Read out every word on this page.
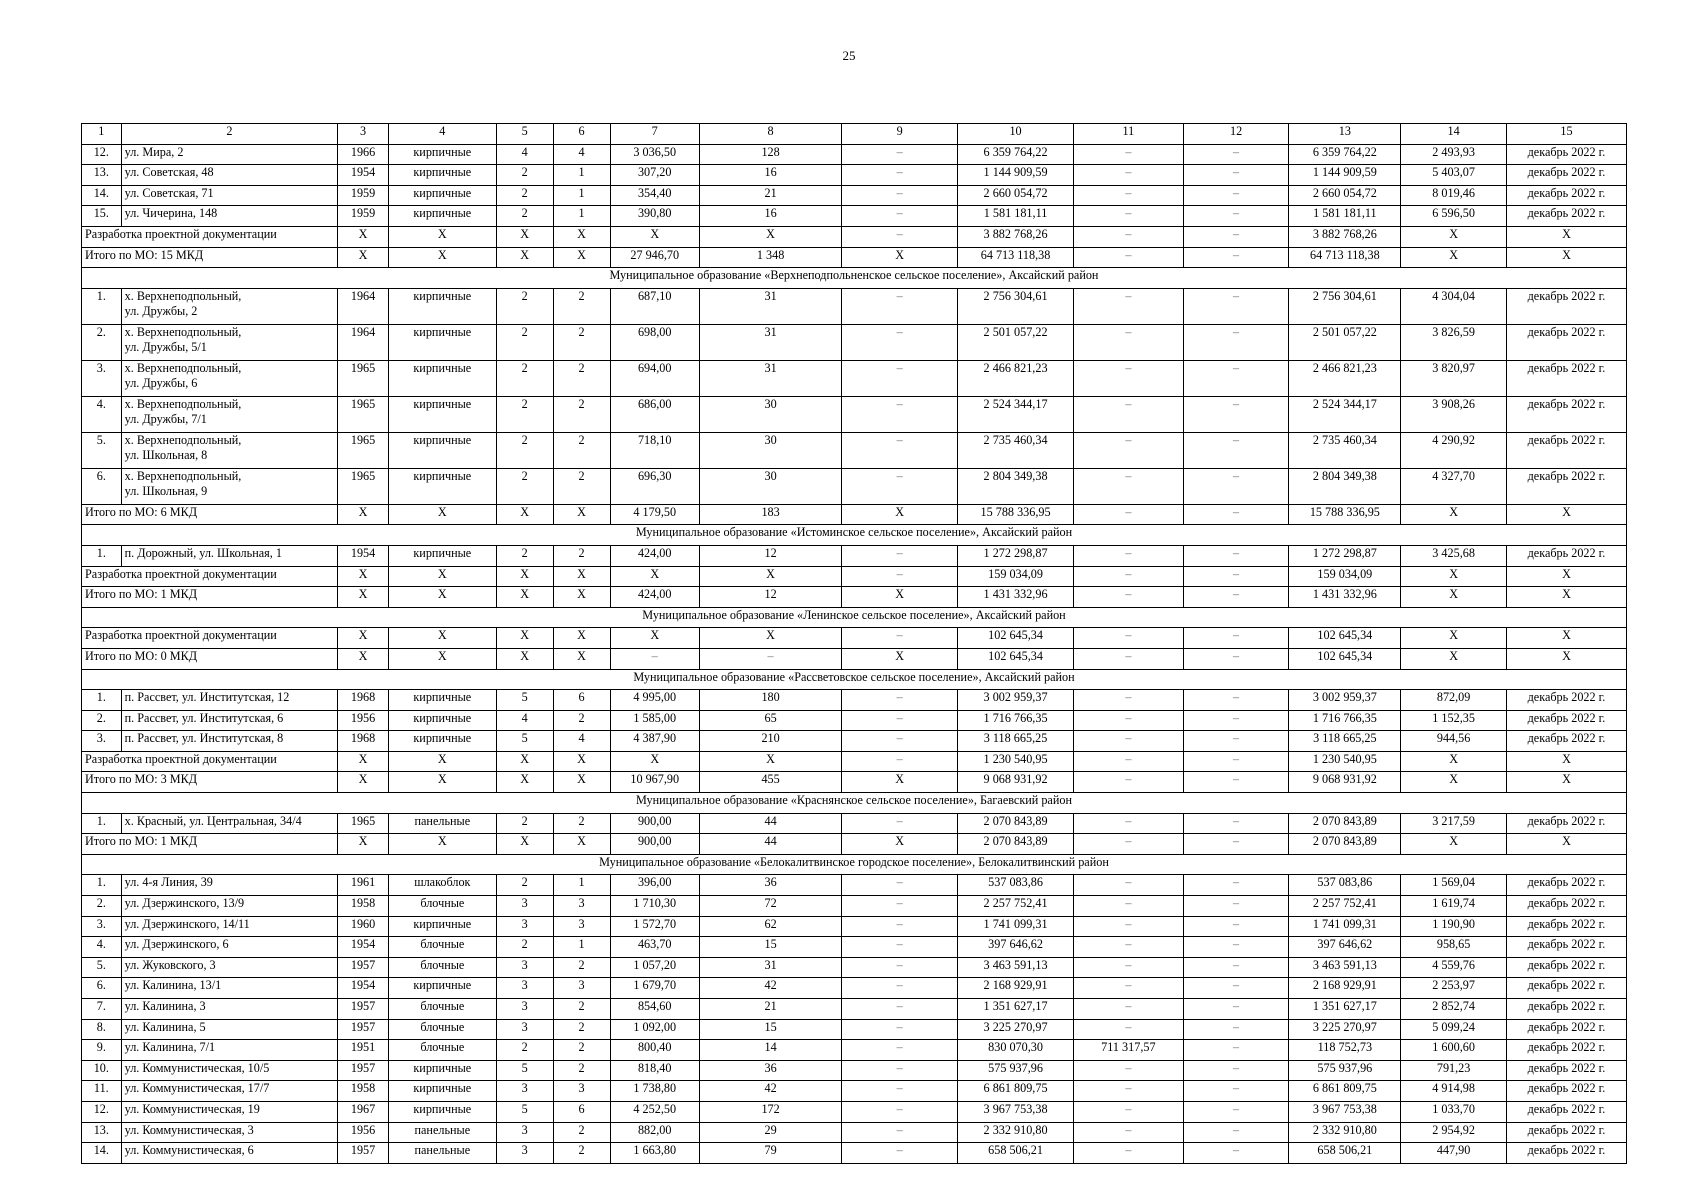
25
1	2	3	4	5	6	7	8	9	10	11	12	13	14	15
12.	ул. Мира, 2	1966	кирпичные	4	4	3 036,50	128	–	6 359 764,22	–	–	6 359 764,22	2 493,93	декабрь 2022 г.
13.	ул. Советская, 48	1954	кирпичные	2	1	307,20	16	–	1 144 909,59	–	–	1 144 909,59	5 403,07	декабрь 2022 г.
14.	ул. Советская, 71	1959	кирпичные	2	1	354,40	21	–	2 660 054,72	–	–	2 660 054,72	8 019,46	декабрь 2022 г.
15.	ул. Чичерина, 148	1959	кирпичные	2	1	390,80	16	–	1 581 181,11	–	–	1 581 181,11	6 596,50	декабрь 2022 г.
Разработка проектной документации		Х	Х	Х	Х	Х	Х	–	3 882 768,26	–	–	3 882 768,26	Х	Х
Итого по МО: 15 МКД		Х	Х	Х	Х	27 946,70	1 348	Х	64 713 118,38	–	–	64 713 118,38	Х	Х
Муниципальное образование «Верхнеподпольненское сельское поселение», Аксайский район														
1.	х. Верхнеподпольный,
ул. Дружбы, 2	1964	кирпичные	2	2	687,10	31	–	2 756 304,61	–	–	2 756 304,61	4 304,04	декабрь 2022 г.
2.	х. Верхнеподпольный,
ул. Дружбы, 5/1	1964	кирпичные	2	2	698,00	31	–	2 501 057,22	–	–	2 501 057,22	3 826,59	декабрь 2022 г.
3.	х. Верхнеподпольный,
ул. Дружбы, 6	1965	кирпичные	2	2	694,00	31	–	2 466 821,23	–	–	2 466 821,23	3 820,97	декабрь 2022 г.
4.	х. Верхнеподпольный,
ул. Дружбы, 7/1	1965	кирпичные	2	2	686,00	30	–	2 524 344,17	–	–	2 524 344,17	3 908,26	декабрь 2022 г.
5.	х. Верхнеподпольный,
ул. Школьная, 8	1965	кирпичные	2	2	718,10	30	–	2 735 460,34	–	–	2 735 460,34	4 290,92	декабрь 2022 г.
6.	х. Верхнеподпольный,
ул. Школьная, 9	1965	кирпичные	2	2	696,30	30	–	2 804 349,38	–	–	2 804 349,38	4 327,70	декабрь 2022 г.
Итого по МО: 6 МКД		Х	Х	Х	Х	4 179,50	183	Х	15 788 336,95	–	–	15 788 336,95	Х	Х
Муниципальное образование «Истоминское сельское поселение», Аксайский район														
1.	п. Дорожный, ул. Школьная, 1	1954	кирпичные	2	2	424,00	12	–	1 272 298,87	–	–	1 272 298,87	3 425,68	декабрь 2022 г.
Разработка проектной документации		Х	Х	Х	Х	Х	Х	–	159 034,09	–	–	159 034,09	Х	Х
Итого по МО: 1 МКД		Х	Х	Х	Х	424,00	12	Х	1 431 332,96	–	–	1 431 332,96	Х	Х
Муниципальное образование «Ленинское сельское поселение», Аксайский район														
Разработка проектной документации		Х	Х	Х	Х	Х	Х	–	102 645,34	–	–	102 645,34	Х	Х
Итого по МО: 0 МКД		Х	Х	Х	Х	–	–	Х	102 645,34	–	–	102 645,34	Х	Х
Муниципальное образование «Рассветовское сельское поселение», Аксайский район														
1.	п. Рассвет, ул. Институтская, 12	1968	кирпичные	5	6	4 995,00	180	–	3 002 959,37	–	–	3 002 959,37	872,09	декабрь 2022 г.
2.	п. Рассвет, ул. Институтская, 6	1956	кирпичные	4	2	1 585,00	65	–	1 716 766,35	–	–	1 716 766,35	1 152,35	декабрь 2022 г.
3.	п. Рассвет, ул. Институтская, 8	1968	кирпичные	5	4	4 387,90	210	–	3 118 665,25	–	–	3 118 665,25	944,56	декабрь 2022 г.
Разработка проектной документации		Х	Х	Х	Х	Х	Х	–	1 230 540,95	–	–	1 230 540,95	Х	Х
Итого по МО: 3 МКД		Х	Х	Х	Х	10 967,90	455	Х	9 068 931,92	–	–	9 068 931,92	Х	Х
Муниципальное образование «Краснянское сельское поселение», Багаевский район														
1.	х. Красный, ул. Центральная, 34/4	1965	панельные	2	2	900,00	44	–	2 070 843,89	–	–	2 070 843,89	3 217,59	декабрь 2022 г.
Итого по МО: 1 МКД		Х	Х	Х	Х	900,00	44	Х	2 070 843,89	–	–	2 070 843,89	Х	Х
Муниципальное образование «Белокалитвинское городское поселение», Белокалитвинский район														
1.	ул. 4-я Линия, 39	1961	шлакоблок	2	1	396,00	36	–	537 083,86	–	–	537 083,86	1 569,04	декабрь 2022 г.
2.	ул. Дзержинского, 13/9	1958	блочные	3	3	1 710,30	72	–	2 257 752,41	–	–	2 257 752,41	1 619,74	декабрь 2022 г.
3.	ул. Дзержинского, 14/11	1960	кирпичные	3	3	1 572,70	62	–	1 741 099,31	–	–	1 741 099,31	1 190,90	декабрь 2022 г.
4.	ул. Дзержинского, 6	1954	блочные	2	1	463,70	15	–	397 646,62	–	–	397 646,62	958,65	декабрь 2022 г.
5.	ул. Жуковского, 3	1957	блочные	3	2	1 057,20	31	–	3 463 591,13	–	–	3 463 591,13	4 559,76	декабрь 2022 г.
6.	ул. Калинина, 13/1	1954	кирпичные	3	3	1 679,70	42	–	2 168 929,91	–	–	2 168 929,91	2 253,97	декабрь 2022 г.
7.	ул. Калинина, 3	1957	блочные	3	2	854,60	21	–	1 351 627,17	–	–	1 351 627,17	2 852,74	декабрь 2022 г.
8.	ул. Калинина, 5	1957	блочные	3	2	1 092,00	15	–	3 225 270,97	–	–	3 225 270,97	5 099,24	декабрь 2022 г.
9.	ул. Калинина, 7/1	1951	блочные	2	2	800,40	14	–	830 070,30	711 317,57	–	118 752,73	1 600,60	декабрь 2022 г.
10.	ул. Коммунистическая, 10/5	1957	кирпичные	5	2	818,40	36	–	575 937,96	–	–	575 937,96	791,23	декабрь 2022 г.
11.	ул. Коммунистическая, 17/7	1958	кирпичные	3	3	1 738,80	42	–	6 861 809,75	–	–	6 861 809,75	4 914,98	декабрь 2022 г.
12.	ул. Коммунистическая, 19	1967	кирпичные	5	6	4 252,50	172	–	3 967 753,38	–	–	3 967 753,38	1 033,70	декабрь 2022 г.
13.	ул. Коммунистическая, 3	1956	панельные	3	2	882,00	29	–	2 332 910,80	–	–	2 332 910,80	2 954,92	декабрь 2022 г.
14.	ул. Коммунистическая, 6	1957	панельные	3	2	1 663,80	79	–	658 506,21	–	–	658 506,21	447,90	декабрь 2022 г.
